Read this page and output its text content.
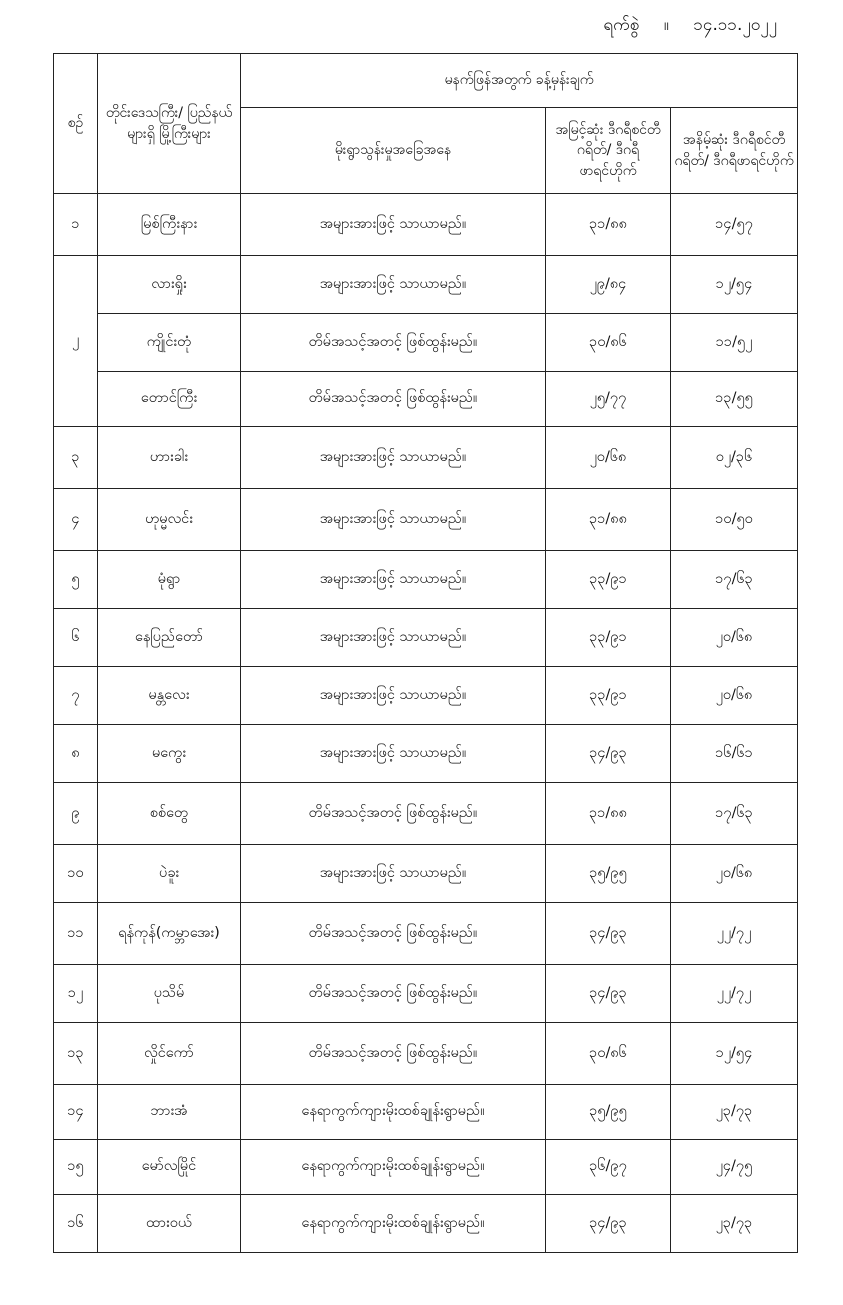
ရက်စွဲ	။	၁၄.၁၁.၂၀၂၂
စဉ်	တိုင်းဒေသကြီး/ ပြည်နယ်များရှိ မြို့ကြီးများ	မနက်ဖြန်အတွက် ခန့်မှန်းချက်		
		မိုးရွာသွန်းမှုအခြေအနေ	အမြင့်ဆုံး ဒီဂရီစင်တီဂရိတ်/ ဒီဂရီဖာရင်ဟိုက်	အနိမ့်ဆုံး ဒီဂရီစင်တီဂရိတ်/ ဒီဂရီဖာရင်ဟိုက်
၁	မြစ်ကြီးနား	အများအားဖြင့် သာယာမည်။	၃၁/၈၈	၁၄/၅၇
၂	လားရှိုး	အများအားဖြင့် သာယာမည်။	၂၉/၈၄	၁၂/၅၄
	ကျိုင်းတုံ	တိမ်အသင့်အတင့် ဖြစ်ထွန်းမည်။	၃၀/၈၆	၁၁/၅၂
	တောင်ကြီး	တိမ်အသင့်အတင့် ဖြစ်ထွန်းမည်။	၂၅/၇၇	၁၃/၅၅
၃	ဟားခါး	အများအားဖြင့် သာယာမည်။	၂၀/၆၈	၀၂/၃၆
၄	ဟုမ္မလင်း	အများအားဖြင့် သာယာမည်။	၃၁/၈၈	၁၀/၅၀
၅	မုံရွာ	အများအားဖြင့် သာယာမည်။	၃၃/၉၁	၁၇/၆၃
၆	နေပြည်တော်	အများအားဖြင့် သာယာမည်။	၃၃/၉၁	၂၀/၆၈
၇	မန္တလေး	အများအားဖြင့် သာယာမည်။	၃၃/၉၁	၂၀/၆၈
၈	မကွေး	အများအားဖြင့် သာယာမည်။	၃၄/၉၃	၁၆/၆၁
၉	စစ်တွေ	တိမ်အသင့်အတင့် ဖြစ်ထွန်းမည်။	၃၁/၈၈	၁၇/၆၃
၁၀	ပဲခူး	အများအားဖြင့် သာယာမည်။	၃၅/၉၅	၂၀/၆၈
၁၁	ရန်ကုန်(ကမ္ဘာအေး)	တိမ်အသင့်အတင့် ဖြစ်ထွန်းမည်။	၃၄/၉၃	၂၂/၇၂
၁၂	ပုသိမ်	တိမ်အသင့်အတင့် ဖြစ်ထွန်းမည်။	၃၄/၉၃	၂၂/၇၂
၁၃	လှိုင်ကော်	တိမ်အသင့်အတင့် ဖြစ်ထွန်းမည်။	၃၀/၈၆	၁၂/၅၄
၁၄	ဘားအံ	နေရာကွက်ကျားမိုးထစ်ချုန်းရွာမည်။	၃၅/၉၅	၂၃/၇၃
၁၅	မော်လမြိုင်	နေရာကွက်ကျားမိုးထစ်ချုန်းရွာမည်။	၃၆/၉၇	၂၄/၇၅
၁၆	ထားဝယ်	နေရာကွက်ကျားမိုးထစ်ချုန်းရွာမည်။	၃၄/၉၃	၂၃/၇၃
